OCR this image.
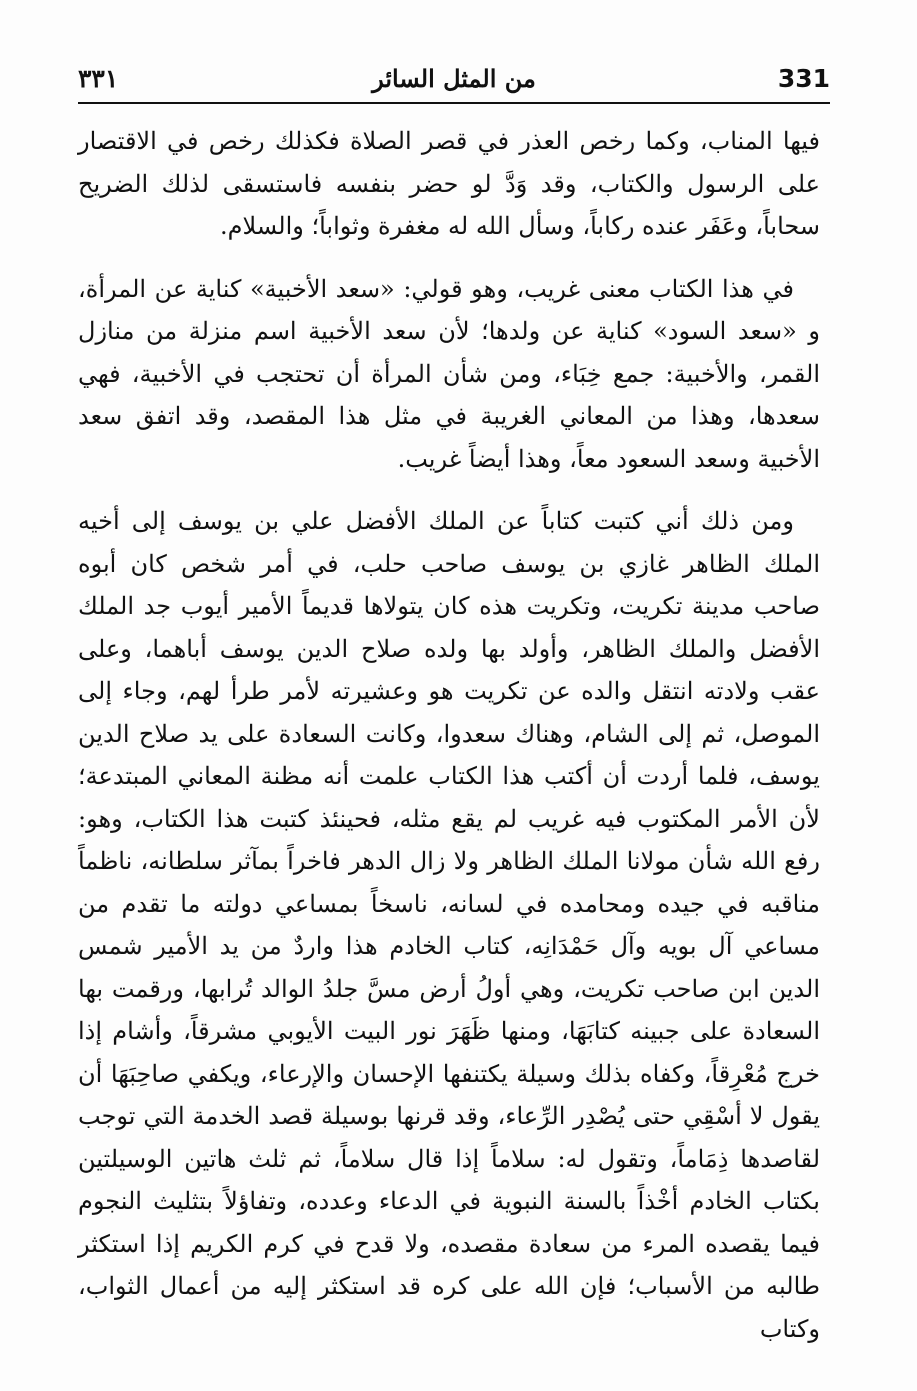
331
من المثل السائر
٣٣١

فيها المناب، وكما رخص العذر في قصر الصلاة فكذلك رخص في الاقتصار على الرسول والكتاب، وقد وَدَّ لو حضر بنفسه فاستسقى لذلك الضريح سحاباً، وعَفَر عنده ركاباً، وسأل الله له مغفرة وثواباً؛ والسلام.

في هذا الكتاب معنى غريب، وهو قولي: «سعد الأخبية» كناية عن المرأة، و «سعد السود» كناية عن ولدها؛ لأن سعد الأخبية اسم منزلة من منازل القمر، والأخبية: جمع خِبَاء، ومن شأن المرأة أن تحتجب في الأخبية، فهي سعدها، وهذا من المعاني الغريبة في مثل هذا المقصد، وقد اتفق سعد الأخبية وسعد السعود معاً، وهذا أيضاً غريب.

ومن ذلك أني كتبت كتاباً عن الملك الأفضل علي بن يوسف إلى أخيه الملك الظاهر غازي بن يوسف صاحب حلب، في أمر شخص كان أبوه صاحب مدينة تكريت، وتكريت هذه كان يتولاها قديماً الأمير أيوب جد الملك الأفضل والملك الظاهر، وأولد بها ولده صلاح الدين يوسف أباهما، وعلى عقب ولادته انتقل والده عن تكريت هو وعشيرته لأمر طرأ لهم، وجاء إلى الموصل، ثم إلى الشام، وهناك سعدوا، وكانت السعادة على يد صلاح الدين يوسف، فلما أردت أن أكتب هذا الكتاب علمت أنه مظنة المعاني المبتدعة؛ لأن الأمر المكتوب فيه غريب لم يقع مثله، فحينئذ كتبت هذا الكتاب، وهو: رفع الله شأن مولانا الملك الظاهر ولا زال الدهر فاخراً بمآثر سلطانه، ناظماً مناقبه في جيده ومحامده في لسانه، ناسخاً بمساعي دولته ما تقدم من مساعي آل بويه وآل حَمْدَانِه، كتاب الخادم هذا واردٌ من يد الأمير شمس الدين ابن صاحب تكريت، وهي أولُ أرض مسَّ جلدُ الوالد تُرابها، ورقمت بها السعادة على جبينه كتابَهَا، ومنها ظَهَرَ نور البيت الأيوبي مشرقاً، وأشام إذا خرج مُعْرِقاً، وكفاه بذلك وسيلة يكتنفها الإحسان والإرعاء، ويكفي صاحِبَهَا أن يقول لا أسْقِي حتى يُصْدِر الرِّعاء، وقد قرنها بوسيلة قصد الخدمة التي توجب لقاصدها ذِمَاماً، وتقول له: سلاماً إذا قال سلاماً، ثم ثلث هاتين الوسيلتين بكتاب الخادم أخْذاً بالسنة النبوية في الدعاء وعدده، وتفاؤلاً بتثليث النجوم فيما يقصده المرء من سعادة مقصده، ولا قدح في كرم الكريم إذا استكثر طالبه من الأسباب؛ فإن الله على كره قد استكثر إليه من أعمال الثواب، وكتاب
